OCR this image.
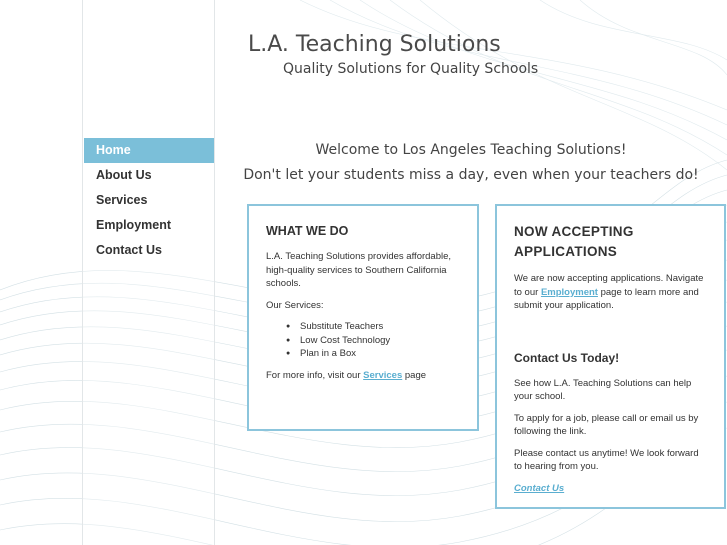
L.A. Teaching Solutions
Quality Solutions for Quality Schools
Home
About Us
Services
Employment
Contact Us
Welcome to Los Angeles Teaching Solutions!
Don't let your students miss a day, even when your teachers do!
WHAT WE DO

L.A. Teaching Solutions provides affordable, high-quality services to Southern California schools.

Our Services:

● Substitute Teachers
● Low Cost Technology
● Plan in a Box

For more info, visit our Services page

NOW ACCEPTING APPLICATIONS

We are now accepting applications. Navigate to our Employment page to learn more and submit your application.

Contact Us Today!

See how L.A. Teaching Solutions can help your school.

To apply for a job, please call or email us by following the link.

Please contact us anytime! We look forward to hearing from you.

Contact Us
